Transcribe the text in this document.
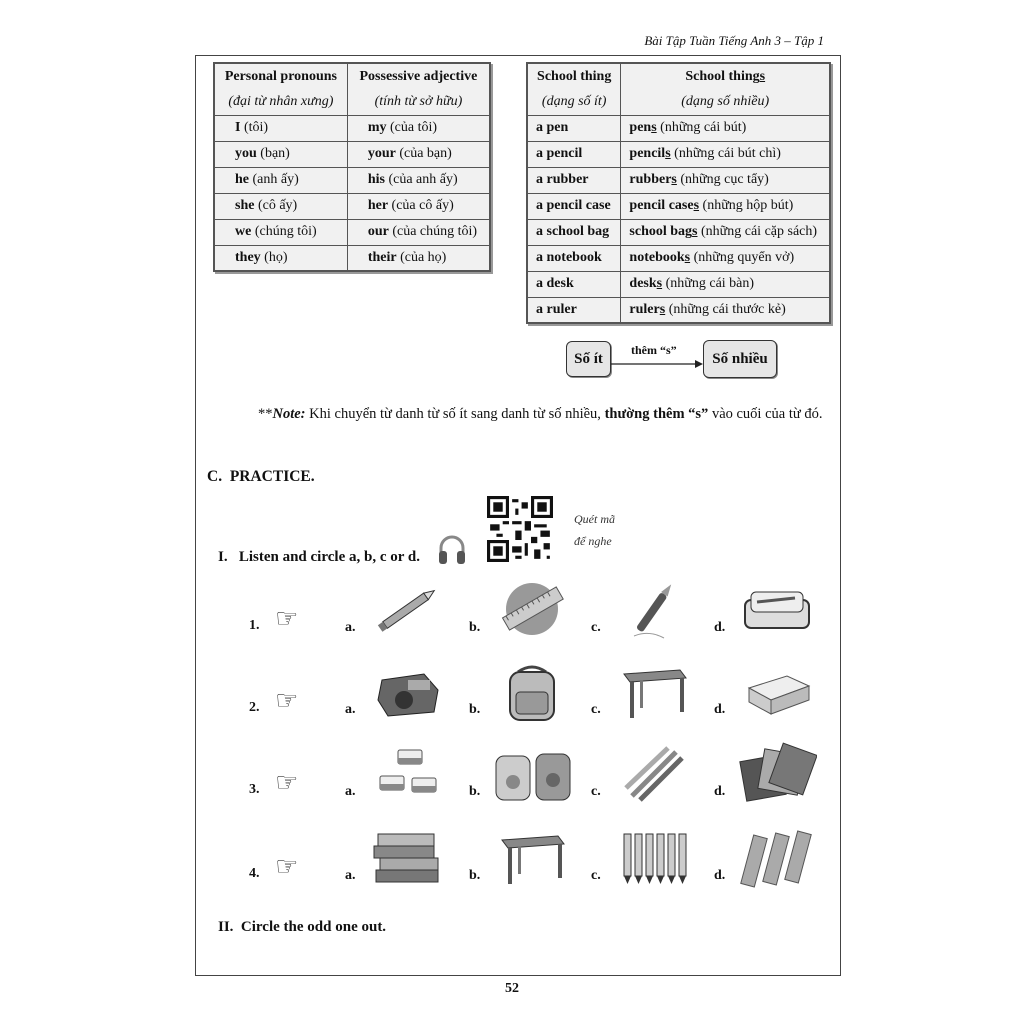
Bài Tập Tuần Tiếng Anh 3 – Tập 1
Personal pronouns	Possessive adjective
(đại từ nhân xưng)	(tính từ sở hữu)
I (tôi)	my (của tôi)
you (bạn)	your (của bạn)
he (anh ấy)	his (của anh ấy)
she (cô ấy)	her (của cô ấy)
we (chúng tôi)	our (của chúng tôi)
they (họ)	their (của họ)
School thing	School things
(dạng số ít)	(dạng số nhiều)
a pen	pens (những cái bút)
a pencil	pencils (những cái bút chì)
a rubber	rubbers (những cục tẩy)
a pencil case	pencil cases (những hộp bút)
a school bag	school bags (những cái cặp sách)
a notebook	notebooks (những quyển vở)
a desk	desks (những cái bàn)
a ruler	rulers (những cái thước kẻ)
Số ít
thêm “s”
Số nhiều
**Note: Khi chuyển từ danh từ số ít sang danh từ số nhiều, thường thêm “s” vào cuối của từ đó.
C.  PRACTICE.
Quét mã
để nghe
I.   Listen and circle a, b, c or d.
1. ☞	a.	b.	c.	d.
2. ☞	a.	b.	c.	d.
3. ☞	a.	b.	c.	d.
4. ☞	a.	b.	c.	d.
II.  Circle the odd one out.
52
